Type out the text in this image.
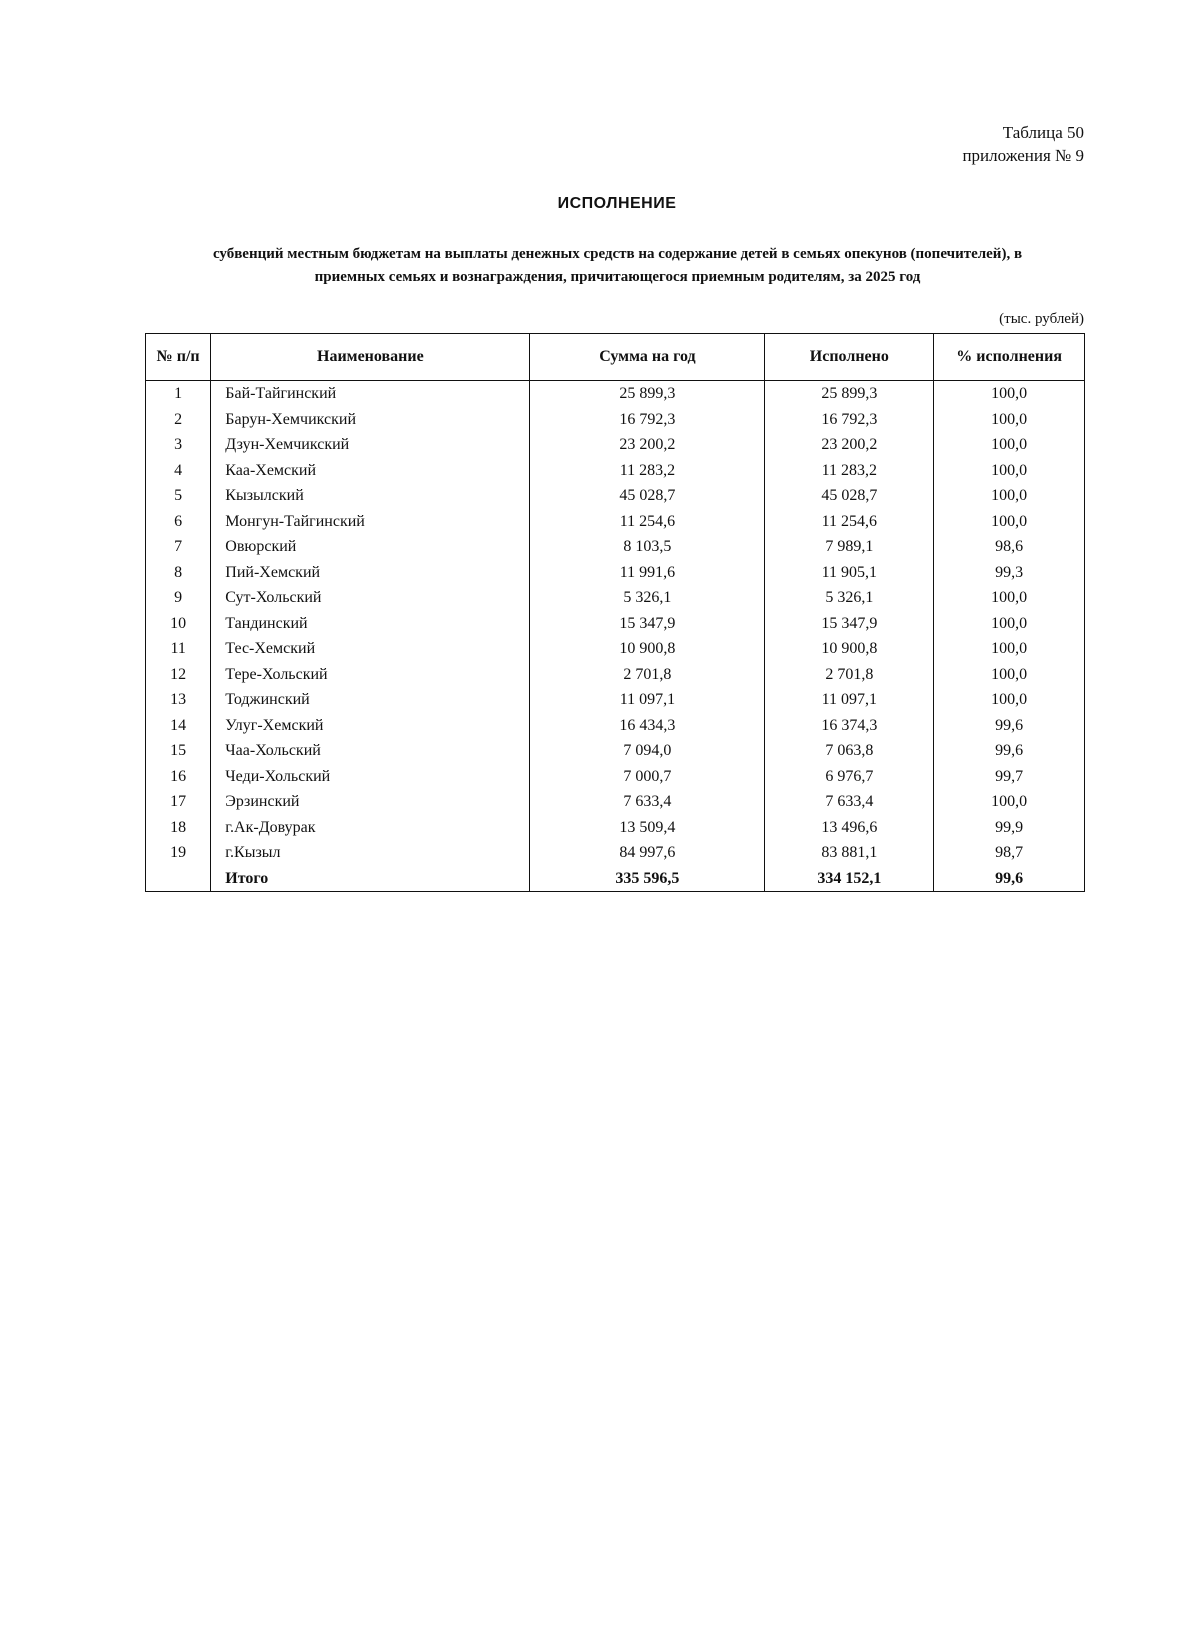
Таблица 50
приложения № 9
ИСПОЛНЕНИЕ
субвенций местным бюджетам на выплаты денежных средств на содержание детей в семьях опекунов (попечителей), в
приемных семьях и вознаграждения, причитающегося приемным родителям, за 2025 год
(тыс. рублей)
№ п/п	Наименование	Сумма на год	Исполнено	% исполнения
1	Бай-Тайгинский	25 899,3	25 899,3	100,0
2	Барун-Хемчикский	16 792,3	16 792,3	100,0
3	Дзун-Хемчикский	23 200,2	23 200,2	100,0
4	Каа-Хемский	11 283,2	11 283,2	100,0
5	Кызылский	45 028,7	45 028,7	100,0
6	Монгун-Тайгинский	11 254,6	11 254,6	100,0
7	Овюрский	8 103,5	7 989,1	98,6
8	Пий-Хемский	11 991,6	11 905,1	99,3
9	Сут-Хольский	5 326,1	5 326,1	100,0
10	Тандинский	15 347,9	15 347,9	100,0
11	Тес-Хемский	10 900,8	10 900,8	100,0
12	Тере-Хольский	2 701,8	2 701,8	100,0
13	Тоджинский	11 097,1	11 097,1	100,0
14	Улуг-Хемский	16 434,3	16 374,3	99,6
15	Чаа-Хольский	7 094,0	7 063,8	99,6
16	Чеди-Хольский	7 000,7	6 976,7	99,7
17	Эрзинский	7 633,4	7 633,4	100,0
18	г.Ак-Довурак	13 509,4	13 496,6	99,9
19	г.Кызыл	84 997,6	83 881,1	98,7
	Итого	335 596,5	334 152,1	99,6
